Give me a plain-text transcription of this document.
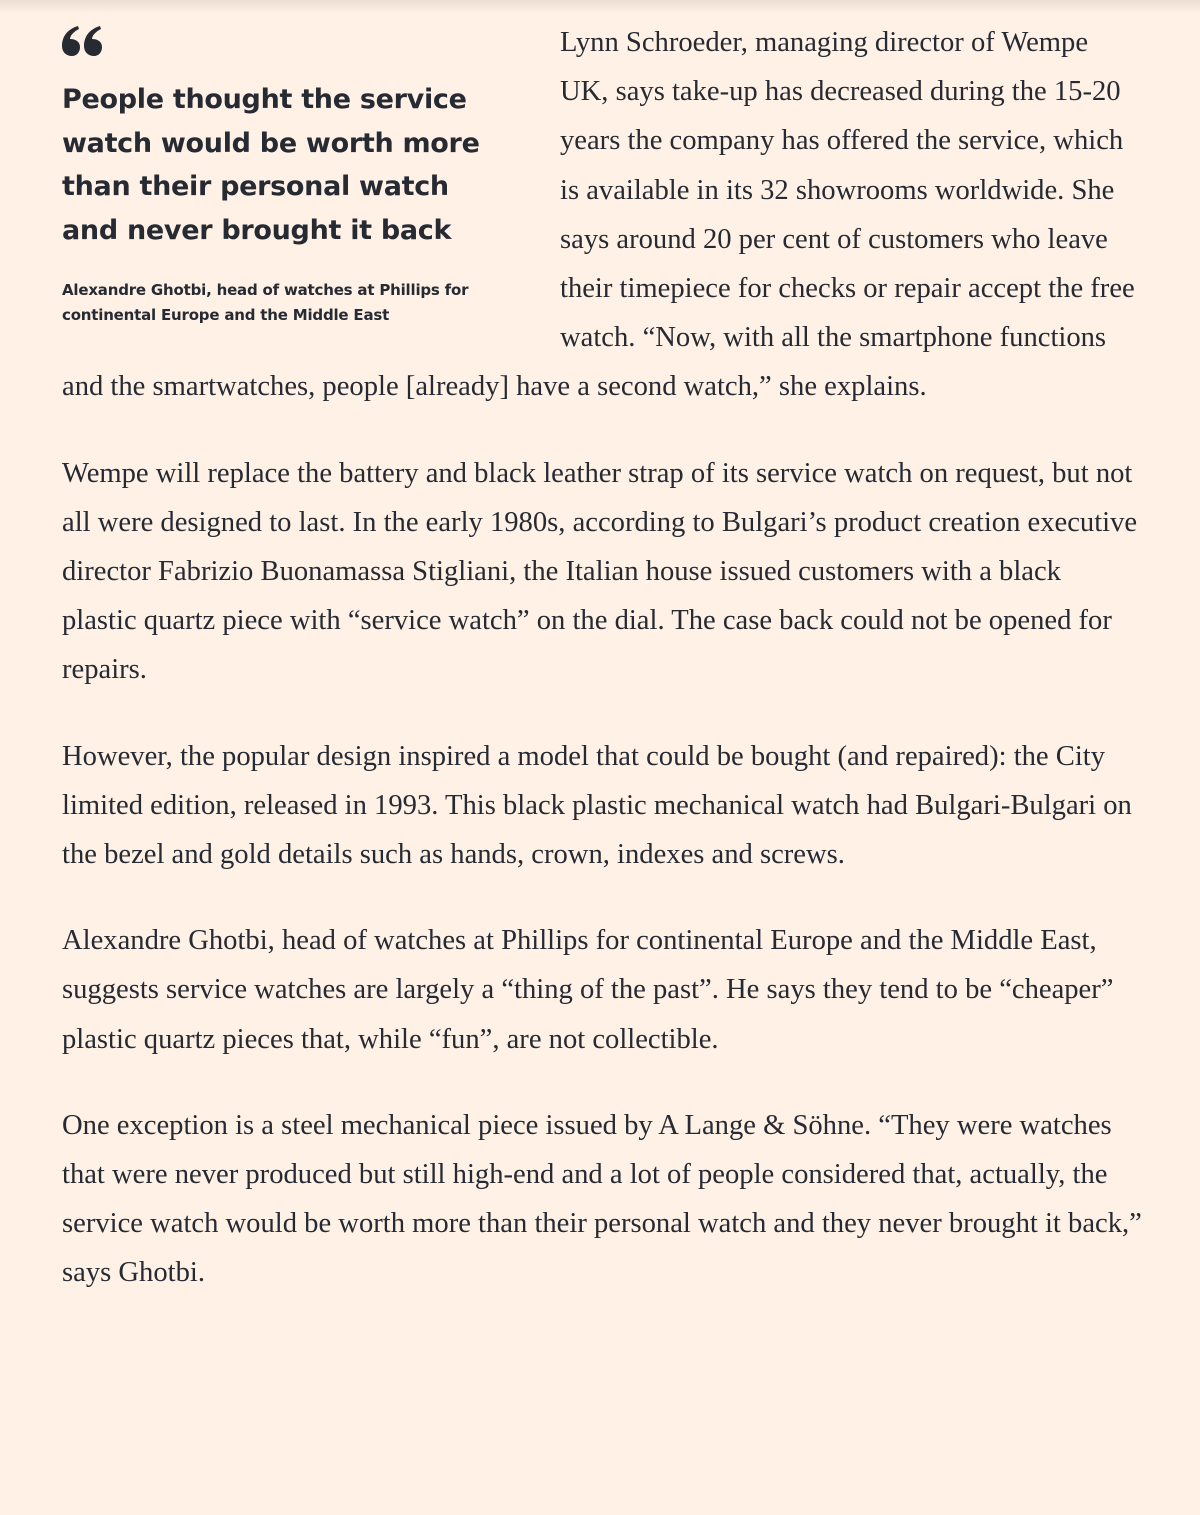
People thought the service watch would be worth more than their personal watch and never brought it back

Alexandre Ghotbi, head of watches at Phillips for continental Europe and the Middle East

Lynn Schroeder, managing director of Wempe UK, says take-up has decreased during the 15-20 years the company has offered the service, which is available in its 32 showrooms worldwide. She says around 20 per cent of customers who leave their timepiece for checks or repair accept the free watch. “Now, with all the smartphone functions and the smartwatches, people [already] have a second watch,” she explains.

Wempe will replace the battery and black leather strap of its service watch on request, but not all were designed to last. In the early 1980s, according to Bulgari’s product creation executive director Fabrizio Buonamassa Stigliani, the Italian house issued customers with a black plastic quartz piece with “service watch” on the dial. The case back could not be opened for repairs.

However, the popular design inspired a model that could be bought (and repaired): the City limited edition, released in 1993. This black plastic mechanical watch had Bulgari-Bulgari on the bezel and gold details such as hands, crown, indexes and screws.

Alexandre Ghotbi, head of watches at Phillips for continental Europe and the Middle East, suggests service watches are largely a “thing of the past”. He says they tend to be “cheaper” plastic quartz pieces that, while “fun”, are not collectible.

One exception is a steel mechanical piece issued by A Lange & Söhne. “They were watches that were never produced but still high-end and a lot of people considered that, actually, the service watch would be worth more than their personal watch and they never brought it back,” says Ghotbi.
